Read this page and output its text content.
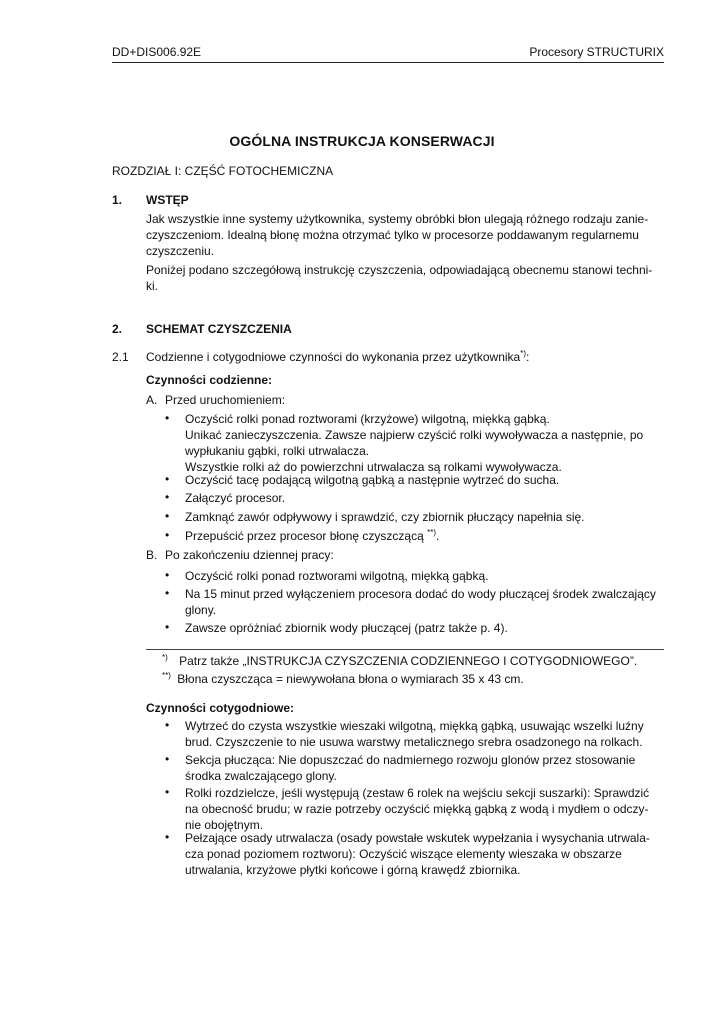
DD+DIS006.92E	Procesory STRUCTURIX
OGÓLNA INSTRUKCJA KONSERWACJI
ROZDZIAŁ I: CZĘŚĆ FOTOCHEMICZNA
1. WSTĘP
Jak wszystkie inne systemy użytkownika, systemy obróbki błon ulegają różnego rodzaju zanie-
czyszczeniom. Idealną błonę można otrzymać tylko w procesorze poddawanym regularnemu
czyszczeniu.
Poniżej podano szczegółową instrukcję czyszczenia, odpowiadającą obecnemu stanowi techni-
ki.
2. SCHEMAT CZYSZCZENIA
2.1 Codzienne i cotygodniowe czynności do wykonania przez użytkownika*):
Czynności codzienne:
A. Przed uruchomieniem:
• Oczyścić rolki ponad roztworami (krzyżowe) wilgotną, miękką gąbką.
Unikać zanieczyszczenia. Zawsze najpierw czyścić rolki wywoływacza a następnie, po
wypłukaniu gąbki, rolki utrwalacza.
Wszystkie rolki aż do powierzchni utrwalacza są rolkami wywoływacza.
• Oczyścić tacę podającą wilgotną gąbką a następnie wytrzeć do sucha.
• Załączyć procesor.
• Zamknąć zawór odpływowy i sprawdzić, czy zbiornik płuczący napełnia się.
• Przepuścić przez procesor błonę czyszczącą **).
B. Po zakończeniu dziennej pracy:
• Oczyścić rolki ponad roztworami wilgotną, miękką gąbką.
• Na 15 minut przed wyłączeniem procesora dodać do wody płuczącej środek zwalczający
glony.
• Zawsze opróżniać zbiornik wody płuczącej (patrz także p. 4).
*) Patrz także „INSTRUKCJA CZYSZCZENIA CODZIENNEGO I COTYGODNIOWEGO”.
**) Błona czyszcząca = niewywołana błona o wymiarach 35 x 43 cm.
Czynności cotygodniowe:
• Wytrzeć do czysta wszystkie wieszaki wilgotną, miękką gąbką, usuwając wszelki luźny
brud. Czyszczenie to nie usuwa warstwy metalicznego srebra osadzonego na rolkach.
• Sekcja płucząca: Nie dopuszczać do nadmiernego rozwoju glonów przez stosowanie
środka zwalczającego glony.
• Rolki rozdzielcze, jeśli występują (zestaw 6 rolek na wejściu sekcji suszarki): Sprawdzić
na obecność brudu; w razie potrzeby oczyścić miękką gąbką z wodą i mydłem o odczy-
nie obojętnym.
• Pełzające osady utrwalacza (osady powstałe wskutek wypełzania i wysychania utrwala-
cza ponad poziomem roztworu): Oczyścić wiszące elementy wieszaka w obszarze
utrwalania, krzyżowe płytki końcowe i górną krawędź zbiornika.
